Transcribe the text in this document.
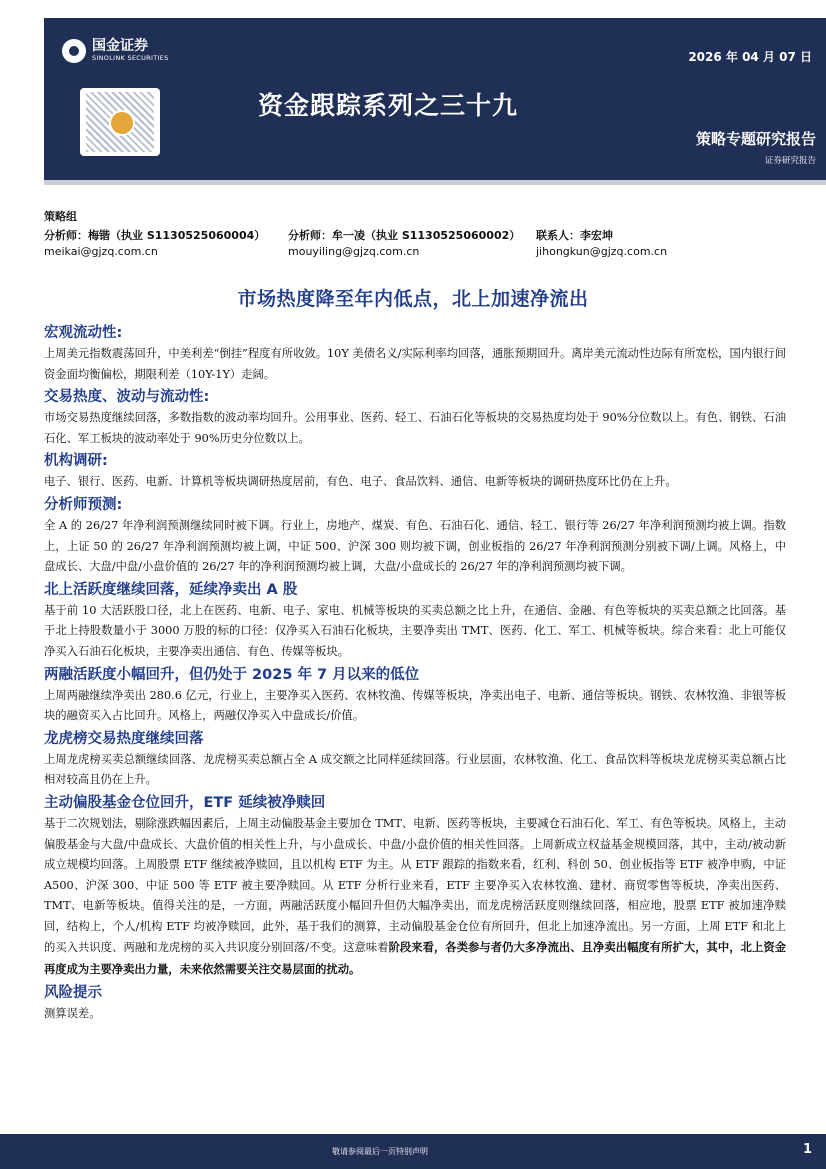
国金证券
SINOLINK SECURITIES	2026 年 04 月 07 日
资金跟踪系列之三十九
策略专题研究报告
证券研究报告
策略组
分析师：梅锴（执业 S1130525060004）
meikai@gjzq.com.cn
分析师：牟一凌（执业 S1130525060002）
mouyiling@gjzq.com.cn
联系人：李宏坤
jihongkun@gjzq.com.cn
市场热度降至年内低点，北上加速净流出
宏观流动性:

上周美元指数震荡回升，中美利差“倒挂”程度有所收敛。10Y 美债名义/实际利率均回落，通胀预期回升。离岸美元流动性边际有所宽松，国内银行间资金面均衡偏松，期限利差（10Y-1Y）走阔。

交易热度、波动与流动性:

市场交易热度继续回落，多数指数的波动率均回升。公用事业、医药、轻工、石油石化等板块的交易热度均处于 90%分位数以上。有色、钢铁、石油石化、军工板块的波动率处于 90%历史分位数以上。

机构调研:

电子、银行、医药、电新、计算机等板块调研热度居前，有色、电子、食品饮料、通信、电新等板块的调研热度环比仍在上升。

分析师预测:

全 A 的 26/27 年净利润预测继续同时被下调。行业上，房地产、煤炭、有色、石油石化、通信、轻工、银行等 26/27 年净利润预测均被上调。指数上，上证 50 的 26/27 年净利润预测均被上调，中证 500、沪深 300 则均被下调，创业板指的 26/27 年净利润预测分别被下调/上调。风格上，中盘成长、大盘/中盘/小盘价值的 26/27 年的净利润预测均被上调，大盘/小盘成长的 26/27 年的净利润预测均被下调。

北上活跃度继续回落，延续净卖出 A 股

基于前 10 大活跃股口径，北上在医药、电新、电子、家电、机械等板块的买卖总额之比上升，在通信、金融、有色等板块的买卖总额之比回落。基于北上持股数量小于 3000 万股的标的口径：仅净买入石油石化板块，主要净卖出 TMT、医药、化工、军工、机械等板块。综合来看：北上可能仅净买入石油石化板块，主要净卖出通信、有色、传媒等板块。

两融活跃度小幅回升，但仍处于 2025 年 7 月以来的低位

上周两融继续净卖出 280.6 亿元，行业上，主要净买入医药、农林牧渔、传媒等板块，净卖出电子、电新、通信等板块。钢铁、农林牧渔、非银等板块的融资买入占比回升。风格上，两融仅净买入中盘成长/价值。

龙虎榜交易热度继续回落

上周龙虎榜买卖总额继续回落、龙虎榜买卖总额占全 A 成交额之比同样延续回落。行业层面，农林牧渔、化工、食品饮料等板块龙虎榜买卖总额占比相对较高且仍在上升。

主动偏股基金仓位回升，ETF 延续被净赎回

基于二次规划法，剔除涨跌幅因素后，上周主动偏股基金主要加仓 TMT、电新、医药等板块，主要减仓石油石化、军工、有色等板块。风格上，主动偏股基金与大盘/中盘成长、大盘价值的相关性上升，与小盘成长、中盘/小盘价值的相关性回落。上周新成立权益基金规模回落，其中，主动/被动新成立规模均回落。上周股票 ETF 继续被净赎回，且以机构 ETF 为主。从 ETF 跟踪的指数来看，红利、科创 50、创业板指等 ETF 被净申购，中证 A500、沪深 300、中证 500 等 ETF 被主要净赎回。从 ETF 分析行业来看，ETF 主要净买入农林牧渔、建材、商贸零售等板块，净卖出医药、TMT、电新等板块。值得关注的是，一方面，两融活跃度小幅回升但仍大幅净卖出，而龙虎榜活跃度则继续回落，相应地，股票 ETF 被加速净赎回，结构上，个人/机构 ETF 均被净赎回，此外，基于我们的测算，主动偏股基金仓位有所回升，但北上加速净流出。另一方面，上周 ETF 和北上的买入共识度、两融和龙虎榜的买入共识度分别回落/不变。这意味着阶段来看，各类参与者仍大多净流出、且净卖出幅度有所扩大，其中，北上资金再度成为主要净卖出力量，未来依然需要关注交易层面的扰动。

风险提示

测算误差。

敬请参阅最后一页特别声明	1
